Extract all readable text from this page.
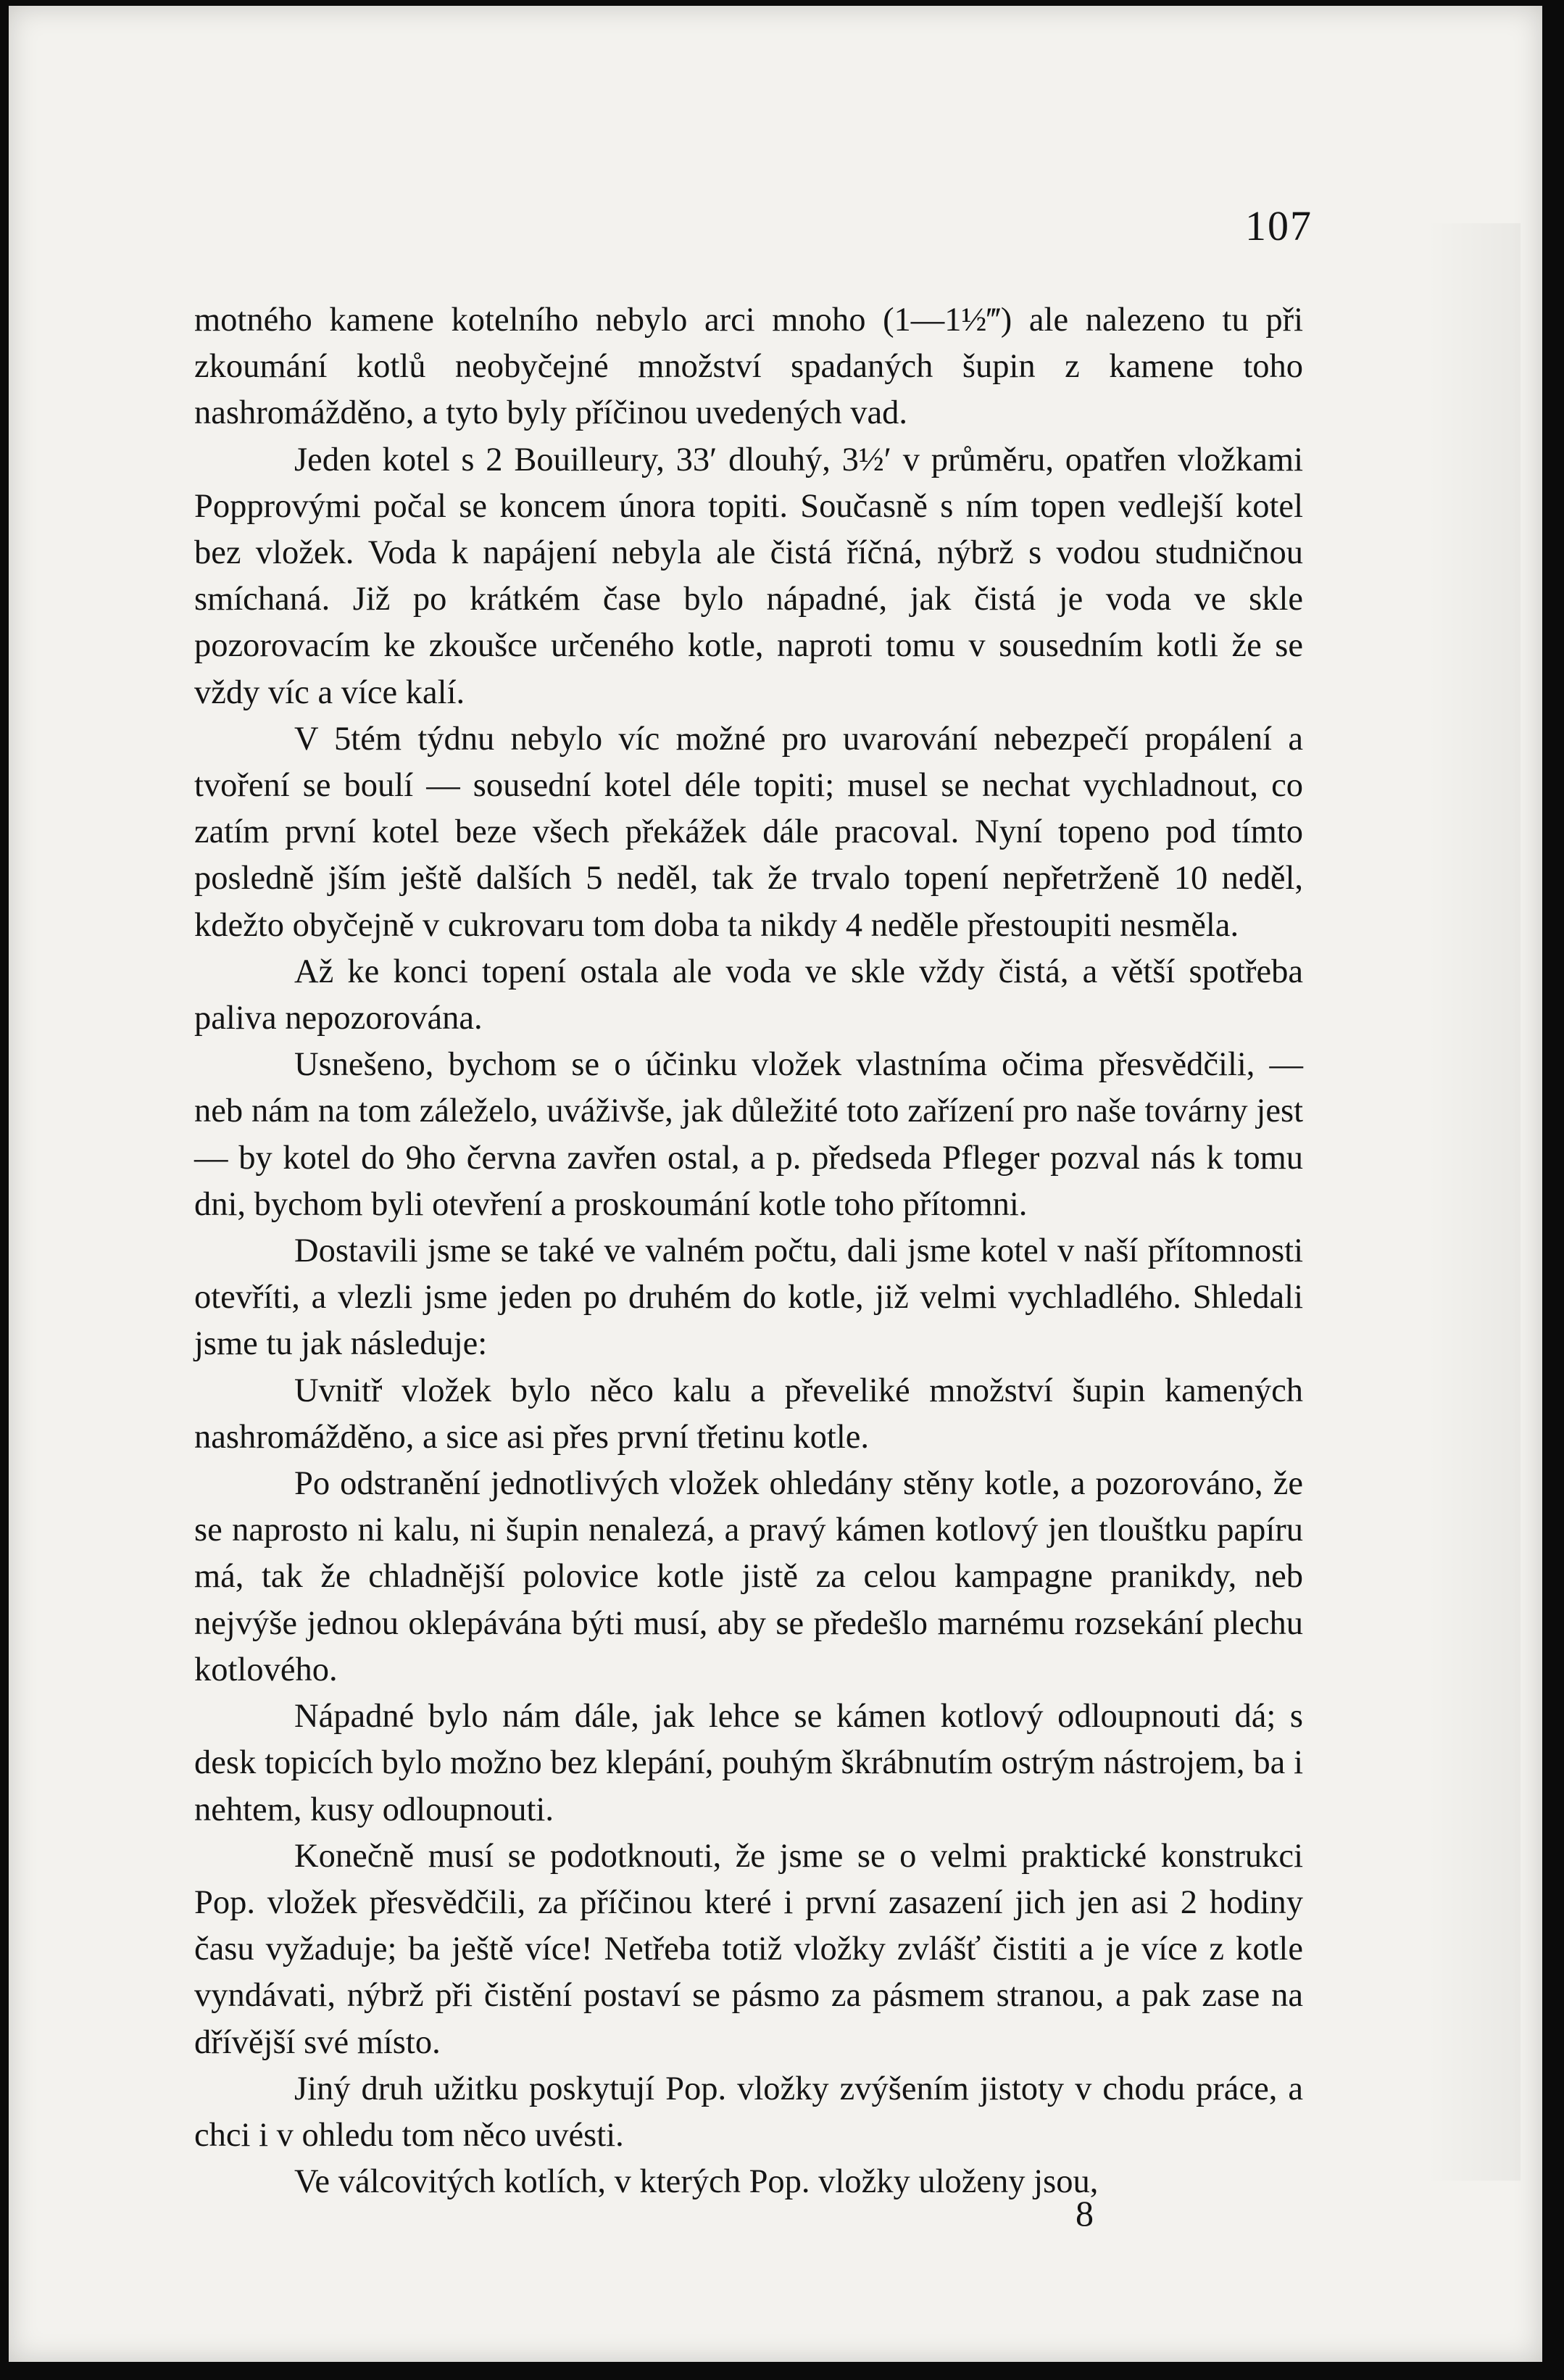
107

motného kamene kotelního nebylo arci mnoho (1—1½‴) ale nalezeno tu při zkoumání kotlů neobyčejné množství spadaných šupin z kamene toho nashromážděno, a tyto byly příčinou uvedených vad.

Jeden kotel s 2 Bouilleury, 33′ dlouhý, 3½′ v průměru, opatřen vložkami Popprovými počal se koncem února topiti. Současně s ním topen vedlejší kotel bez vložek. Voda k napájení nebyla ale čistá říčná, nýbrž s vodou studničnou smíchaná. Již po krátkém čase bylo nápadné, jak čistá je voda ve skle pozorovacím ke zkoušce určeného kotle, naproti tomu v sousedním kotli že se vždy víc a více kalí.

V 5tém týdnu nebylo víc možné pro uvarování nebezpečí propálení a tvoření se boulí — sousední kotel déle topiti; musel se nechat vychladnout, co zatím první kotel beze všech překážek dále pracoval. Nyní topeno pod tímto posledně jším ještě dalších 5 neděl, tak že trvalo topení nepřetrženě 10 neděl, kdežto obyčejně v cukrovaru tom doba ta nikdy 4 neděle přestoupiti nesměla.

Až ke konci topení ostala ale voda ve skle vždy čistá, a větší spotřeba paliva nepozorována.

Usnešeno, bychom se o účinku vložek vlastníma očima přesvědčili, — neb nám na tom záleželo, uváživše, jak důležité toto zařízení pro naše továrny jest — by kotel do 9ho června zavřen ostal, a p. předseda Pfleger pozval nás k tomu dni, bychom byli otevření a proskoumání kotle toho přítomni.

Dostavili jsme se také ve valném počtu, dali jsme kotel v naší přítomnosti otevříti, a vlezli jsme jeden po druhém do kotle, již velmi vychladlého. Shledali jsme tu jak následuje:

Uvnitř vložek bylo něco kalu a převeliké množství šupin kamených nashromážděno, a sice asi přes první třetinu kotle.

Po odstranění jednotlivých vložek ohledány stěny kotle, a pozorováno, že se naprosto ni kalu, ni šupin nenalezá, a pravý kámen kotlový jen tlouštku papíru má, tak že chladnější polovice kotle jistě za celou kampagne pranikdy, neb nejvýše jednou oklepávána býti musí, aby se předešlo marnému rozsekání plechu kotlového.

Nápadné bylo nám dále, jak lehce se kámen kotlový odloupnouti dá; s desk topicích bylo možno bez klepání, pouhým škrábnutím ostrým nástrojem, ba i nehtem, kusy odloupnouti.

Konečně musí se podotknouti, že jsme se o velmi praktické konstrukci Pop. vložek přesvědčili, za příčinou které i první zasazení jich jen asi 2 hodiny času vyžaduje; ba ještě více! Netřeba totiž vložky zvlášť čistiti a je více z kotle vyndávati, nýbrž při čistění postaví se pásmo za pásmem stranou, a pak zase na dřívější své místo.

Jiný druh užitku poskytují Pop. vložky zvýšením jistoty v chodu práce, a chci i v ohledu tom něco uvésti.

Ve válcovitých kotlích, v kterých Pop. vložky uloženy jsou,

8
